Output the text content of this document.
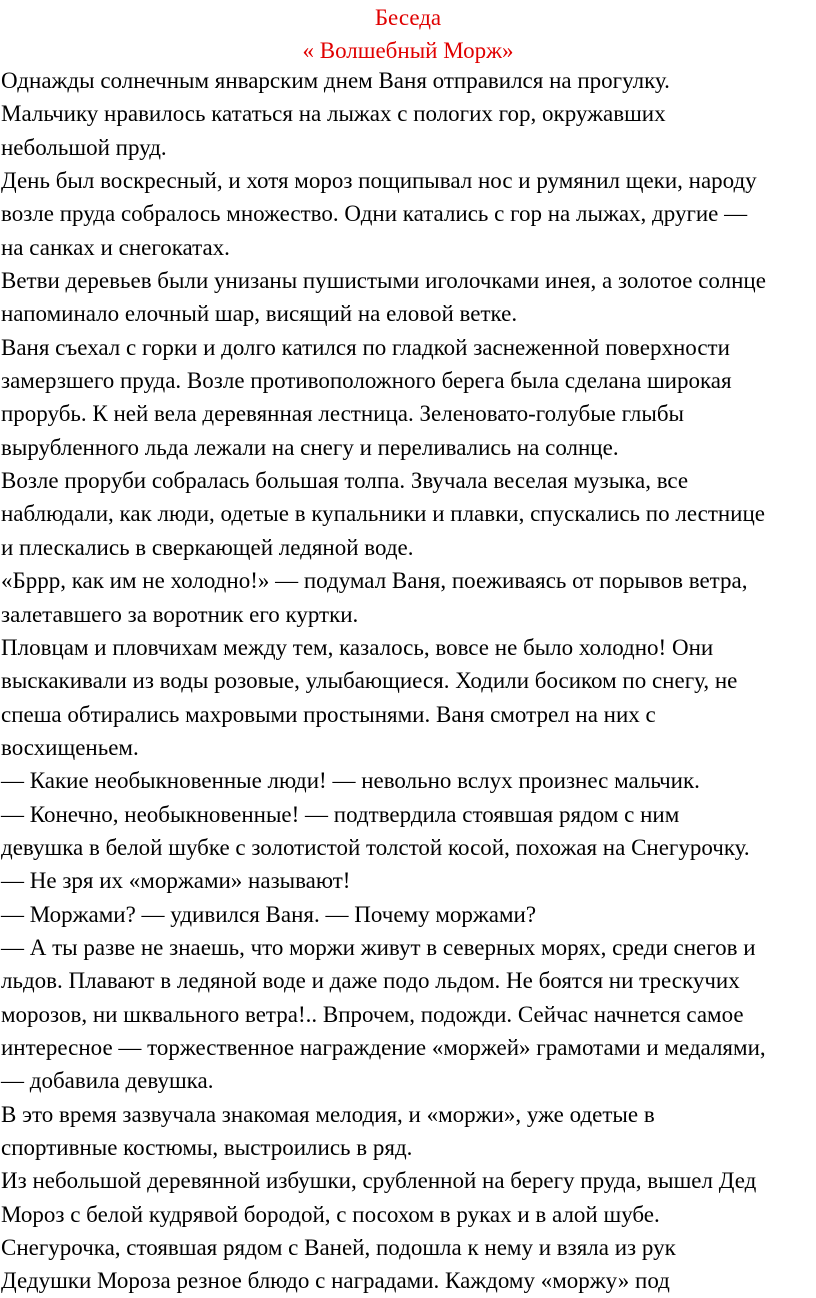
Беседа
« Волшебный Морж»
Однажды солнечным январским днем Ваня отправился на прогулку.
Мальчику нравилось кататься на лыжах с пологих гор, окружавших
небольшой пруд.
День был воскресный, и хотя мороз пощипывал нос и румянил щеки, народу
возле пруда собралось множество. Одни катались с гор на лыжах, другие —
на санках и снегокатах.
Ветви деревьев были унизаны пушистыми иголочками инея, а золотое солнце
напоминало елочный шар, висящий на еловой ветке.
Ваня съехал с горки и долго катился по гладкой заснеженной поверхности
замерзшего пруда. Возле противоположного берега была сделана широкая
прорубь. К ней вела деревянная лестница. Зеленовато-голубые глыбы
вырубленного льда лежали на снегу и переливались на солнце.
Возле проруби собралась большая толпа. Звучала веселая музыка, все
наблюдали, как люди, одетые в купальники и плавки, спускались по лестнице
и плескались в сверкающей ледяной воде.
«Бррр, как им не холодно!» — подумал Ваня, поеживаясь от порывов ветра,
залетавшего за воротник его куртки.
Пловцам и пловчихам между тем, казалось, вовсе не было холодно! Они
выскакивали из воды розовые, улыбающиеся. Ходили босиком по снегу, не
спеша обтирались махровыми простынями. Ваня смотрел на них с
восхищеньем.
— Какие необыкновенные люди! — невольно вслух произнес мальчик.
— Конечно, необыкновенные! — подтвердила стоявшая рядом с ним
девушка в белой шубке с золотистой толстой косой, похожая на Снегурочку.
— Не зря их «моржами» называют!
— Моржами? — удивился Ваня. — Почему моржами?
— А ты разве не знаешь, что моржи живут в северных морях, среди снегов и
льдов. Плавают в ледяной воде и даже подо льдом. Не боятся ни трескучих
морозов, ни шквального ветра!.. Впрочем, подожди. Сейчас начнется самое
интересное — торжественное награждение «моржей» грамотами и медалями,
— добавила девушка.
В это время зазвучала знакомая мелодия, и «моржи», уже одетые в
спортивные костюмы, выстроились в ряд.
Из небольшой деревянной избушки, срубленной на берегу пруда, вышел Дед
Мороз с белой кудрявой бородой, с посохом в руках и в алой шубе.
Снегурочка, стоявшая рядом с Ваней, подошла к нему и взяла из рук
Дедушки Мороза резное блюдо с наградами. Каждому «моржу» под
